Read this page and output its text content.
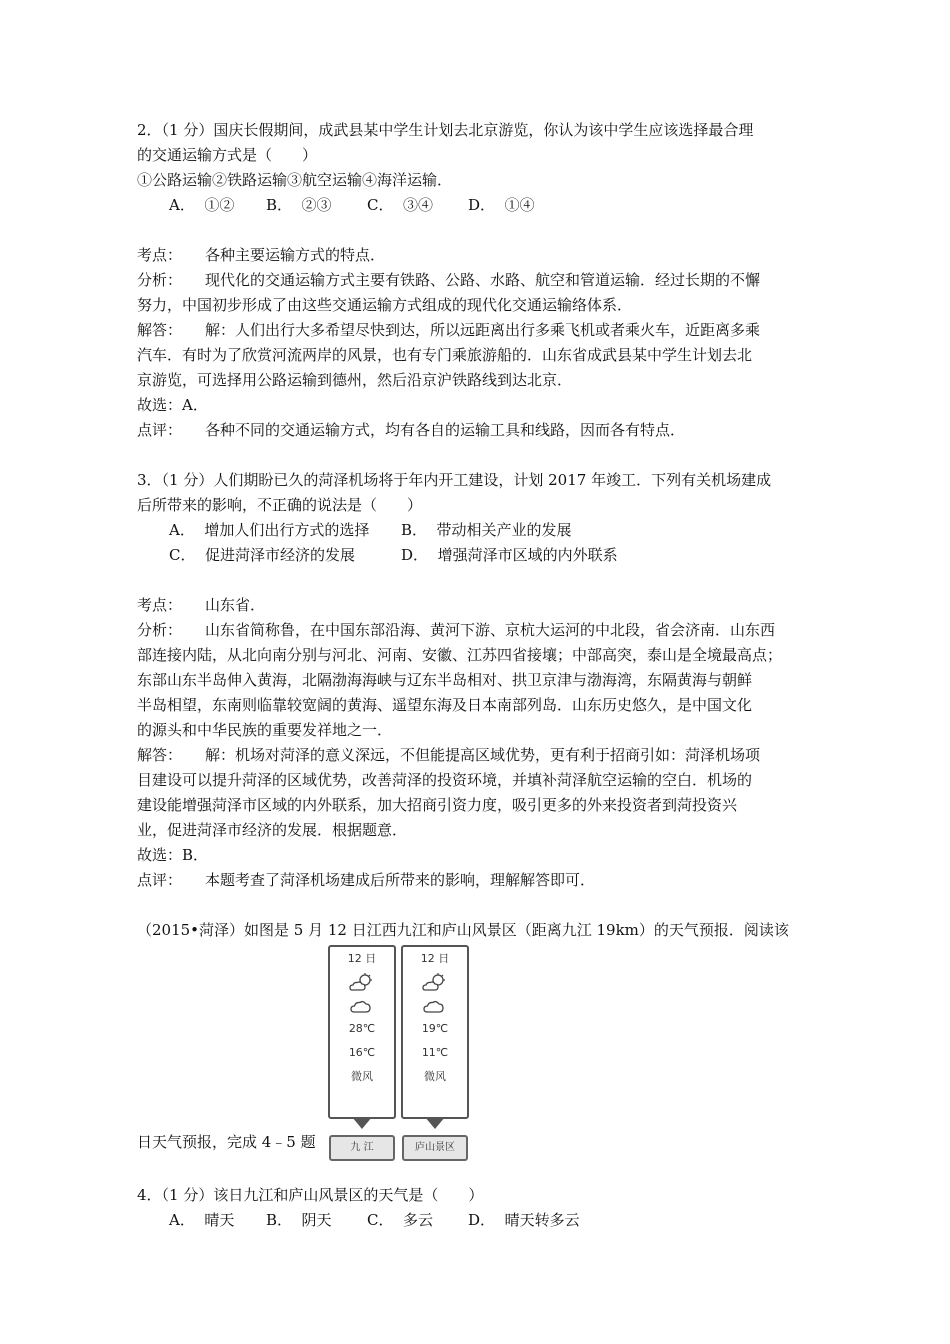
2．（1 分）国庆长假期间，成武县某中学生计划去北京游览，你认为该中学生应该选择最合理
的交通运输方式是（　　）
①公路运输②铁路运输③航空运输④海洋运输．
A．  ①② B．  ②③ C．  ③④ D．  ①④
考点： 各种主要运输方式的特点．
分析： 现代化的交通运输方式主要有铁路、公路、水路、航空和管道运输．经过长期的不懈
努力，中国初步形成了由这些交通运输方式组成的现代化交通运输络体系．
解答： 解：人们出行大多希望尽快到达，所以远距离出行多乘飞机或者乘火车，近距离多乘
汽车．有时为了欣赏河流两岸的风景，也有专门乘旅游船的．山东省成武县某中学生计划去北
京游览，可选择用公路运输到德州，然后沿京沪铁路线到达北京．
故选：A．
点评： 各种不同的交通运输方式，均有各自的运输工具和线路，因而各有特点．
3．（1 分）人们期盼已久的菏泽机场将于年内开工建设，计划 2017 年竣工．下列有关机场建成
后所带来的影响，不正确的说法是（　　）
A．  增加人们出行方式的选择 B．  带动相关产业的发展
C．  促进菏泽市经济的发展	D．  增强菏泽市区域的内外联系
考点： 山东省．
分析： 山东省简称鲁，在中国东部沿海、黄河下游、京杭大运河的中北段，省会济南．山东西
部连接内陆，从北向南分别与河北、河南、安徽、江苏四省接壤；中部高突，泰山是全境最高点；
东部山东半岛伸入黄海，北隔渤海海峡与辽东半岛相对、拱卫京津与渤海湾，东隔黄海与朝鲜
半岛相望，东南则临靠较宽阔的黄海、遥望东海及日本南部列岛．山东历史悠久，是中国文化
的源头和中华民族的重要发祥地之一．
解答： 解：机场对菏泽的意义深远，不但能提高区域优势，更有利于招商引如：菏泽机场项
目建设可以提升菏泽的区域优势，改善菏泽的投资环境，并填补菏泽航空运输的空白．机场的
建设能增强菏泽市区域的内外联系，加大招商引资力度，吸引更多的外来投资者到菏投资兴
业，促进菏泽市经济的发展．根据题意．
故选：B．
点评： 本题考查了菏泽机场建成后所带来的影响，理解解答即可．
（2015•菏泽）如图是 5 月 12 日江西九江和庐山风景区（距离九江 19km）的天气预报．阅读该
12 日
28℃
16℃
微风
九 江
12 日
19℃
11℃
微风
庐山景区
日天气预报，完成 4﹣5 题
4．（1 分）该日九江和庐山风景区的天气是（　　）
A．  晴天 B．  阴天 C．  多云 D．  晴天转多云
